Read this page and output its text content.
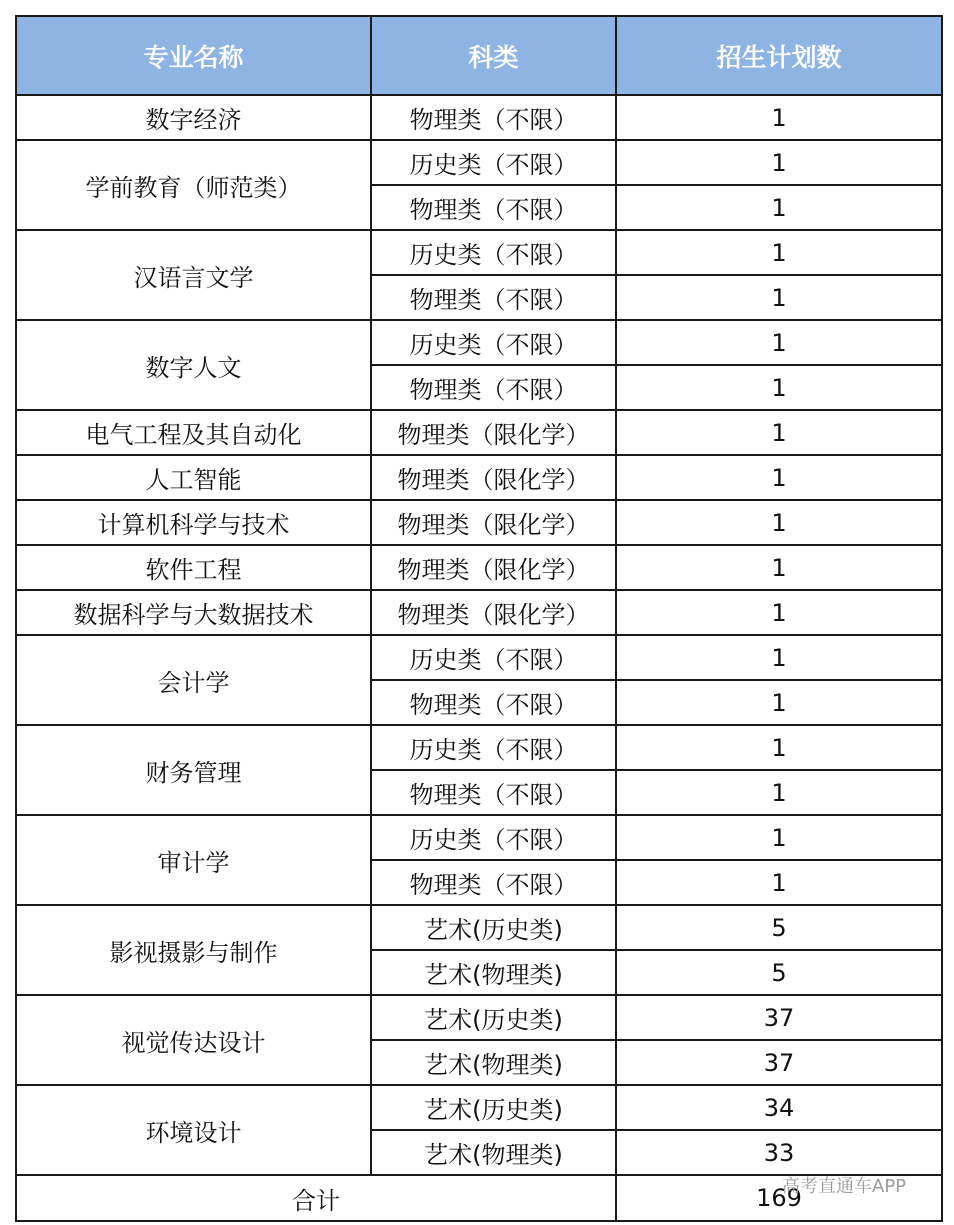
专业名称	科类	招生计划数
数字经济	物理类（不限）	1
学前教育（师范类）	历史类（不限）	1
	物理类（不限）	1
汉语言文学	历史类（不限）	1
	物理类（不限）	1
数字人文	历史类（不限）	1
	物理类（不限）	1
电气工程及其自动化	物理类（限化学）	1
人工智能	物理类（限化学）	1
计算机科学与技术	物理类（限化学）	1
软件工程	物理类（限化学）	1
数据科学与大数据技术	物理类（限化学）	1
会计学	历史类（不限）	1
	物理类（不限）	1
财务管理	历史类（不限）	1
	物理类（不限）	1
审计学	历史类（不限）	1
	物理类（不限）	1
影视摄影与制作	艺术(历史类)	5
	艺术(物理类)	5
视觉传达设计	艺术(历史类)	37
	艺术(物理类)	37
环境设计	艺术(历史类)	34
	艺术(物理类)	33
合计		169
高考直通车APP
